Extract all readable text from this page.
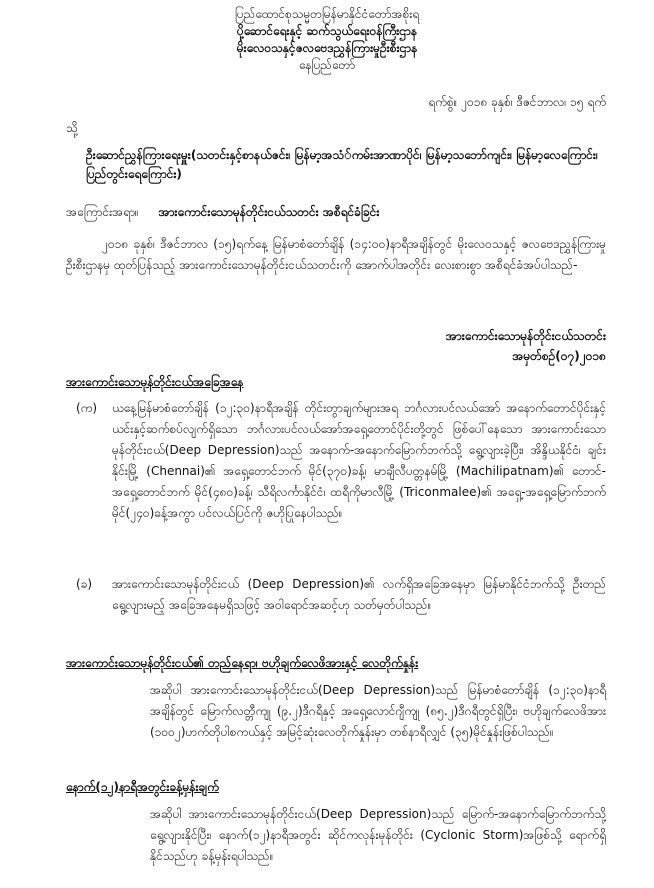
ပြည်ထောင်စုသမ္မတမြန်မာနိုင်ငံတော်အစိုးရ
ပို့ဆောင်ရေးနှင့် ဆက်သွယ်ရေးဝန်ကြီးဌာန
မိုးလေဝသနှင့်ဇလဗေဒညွှန်ကြားမှုဦးစီးဌာန
နေပြည်တော်
ရက်စွဲ။ ၂၀၁၈ ခုနှစ်၊ ဒီဇင်ဘာလ၊ ၁၅ ရက်
သို့
ဦးဆောင်ညွှန်ကြားရေးမှူး(သတင်းနှင့်စာနယ်ဇင်း၊ မြန်မာ့အသံ်ကမ်းအာဏာပိုင်၊ မြန်မာ့သဘော်ကျင်း၊ မြန်မာ့လေကြောင်း၊ ပြည်တွင်းရေကြောင်း)
အကြောင်းအရာ။ အားကောင်းသောမုန်တိုင်းငယ်သတင်း အစီရင်ခံခြင်း
၂၀၁၈ ခုနှစ်၊ ဒီဇင်ဘာလ (၁၅)ရက်နေ့ မြန်မာစံတော်ချိန် (၁၄:၀၀)နာရီအချိန်တွင် မိုးလေဝသနှင့် ဇလဗေဒညွှန်ကြားမှုဦးစီးဌာနမှ ထုတ်ပြန်သည့် အားကောင်းသောမုန်တိုင်းငယ်သတင်းကို အောက်ပါအတိုင်း လေးစားစွာ အစီရင်ခံအပ်ပါသည်-
အားကောင်းသောမုန်တိုင်းငယ်သတင်း
အမှတ်စဉ်(၀၇)၂၀၁၈
အားကောင်းသောမုန်တိုင်းငယ်အခြေအနေ
(က) ယနေ့မြန်မာစံတော်ချိန် (၁၂:၃၀)နာရီအချိန် တိုင်းတွာချက်များအရ ဘင်္ဂလားပင်လယ်အော် အနောက်တောင်ပိုင်းနှင့် ယင်းနှင့်ဆက်စပ်လျက်ရှိသော ဘင်္ဂလားပင်လယ်အော်အရှေ့တောင်ပိုင်းတို့တွင် ဖြစ်ပေါ်နေသော အားကောင်းသော မုန်တိုင်းငယ်(Deep Depression)သည် အနောက်-အနောက်မြောက်ဘက်သို့ ရွေ့လျားခဲ့ပြီး၊ အိန္ဒိယနိုင်ငံ၊ ချင်းနိုင်းမြို့ (Chennai)၏ အရှေ့တောင်ဘက် မိုင်(၃၇၀)ခန့်၊ မာချီလီပတ္တနမ်မြို့ (Machilipatnam)၏ တောင်-အရှေ့တောင်ဘက် မိုင်(၄၈၀)ခန့်၊ သီရိလင်္ကာနိုင်ငံ၊ ထရီကိုမာလီမြို့ (Triconmalee)၏ အရှေ့-အရှေ့မြောက်ဘက် မိုင်(၂၄၀)ခန့်အကွာ ပင်လယ်ပြင်ကို ဇဟိုပြုနေပါသည်။
(ခ) အားကောင်းသောမုန်တိုင်းငယ် (Deep Depression)၏ လက်ရှိအခြေအနေမှာ မြန်မာနိုင်ငံဘက်သို့ ဦးတည်ရွေ့လျားမည့် အခြေအနေမရှိသဖြင့် အဝါရောင်အဆင့်ဟု သတ်မှတ်ပါသည်။
အားကောင်းသောမုန်တိုင်းငယ်၏ တည်နေရာ၊ ဗဟိုချက်လေဖိအားနှင့် လေတိုက်နှုန်း
အဆိုပါ အားကောင်းသောမုန်တိုင်းငယ်(Deep Depression)သည် မြန်မာစံတော်ချိန် (၁၂:၃၀)နာရီအချိန်တွင် မြောက်လတ္တီကျု (၉.၂)ဒီဂရီနှင့် အရှေ့လောင်ဂျီကျု (၈၅.၂)ဒီဂရီတွင်ရှိပြီး၊ ဗဟိုချက်လေဖိအား (၁၀၀၂)ဟက်တိုပါစကယ်နှင့် အမြင့်ဆုံးလေတိုက်နှုန်းမှာ တစ်နာရီလျှင် (၃၅)မိုင်နှုန်းဖြစ်ပါသည်။
နောက်(၁၂)နာရီအတွင်းခန့်မှန်းချက်
အဆိုပါ အားကောင်းသောမုန်တိုင်းငယ်(Deep Depression)သည် မြောက်-အနောက်မြောက်ဘက်သို့ ရွေ့လျားနိုင်ပြီး၊ နောက်(၁၂)နာရီအတွင်း ဆိုင်ကလုန်းမုန်တိုင်း (Cyclonic Storm)အဖြစ်သို့ ရောက်ရှိနိုင်သည်ဟု ခန့်မှန်းရပါသည်။
